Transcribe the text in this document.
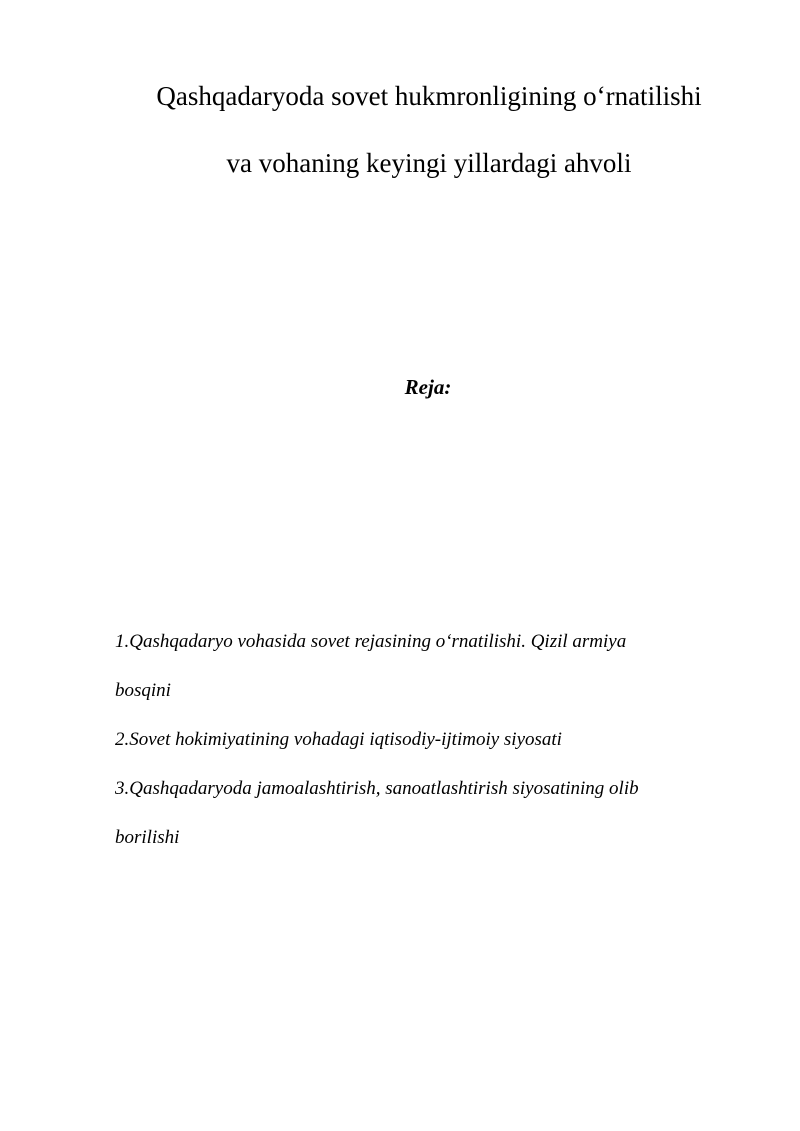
Qashqadaryoda sovet hukmronligining o‘rnatilishi
va vohaning keyingi yillardagi ahvoli
Reja:
1.Qashqadaryo vohasida sovet rejasining o‘rnatilishi. Qizil armiya
bosqini
2.Sovet hokimiyatining vohadagi iqtisodiy-ijtimoiy siyosati
3.Qashqadaryoda jamoalashtirish, sanoatlashtirish siyosatining olib
borilishi
